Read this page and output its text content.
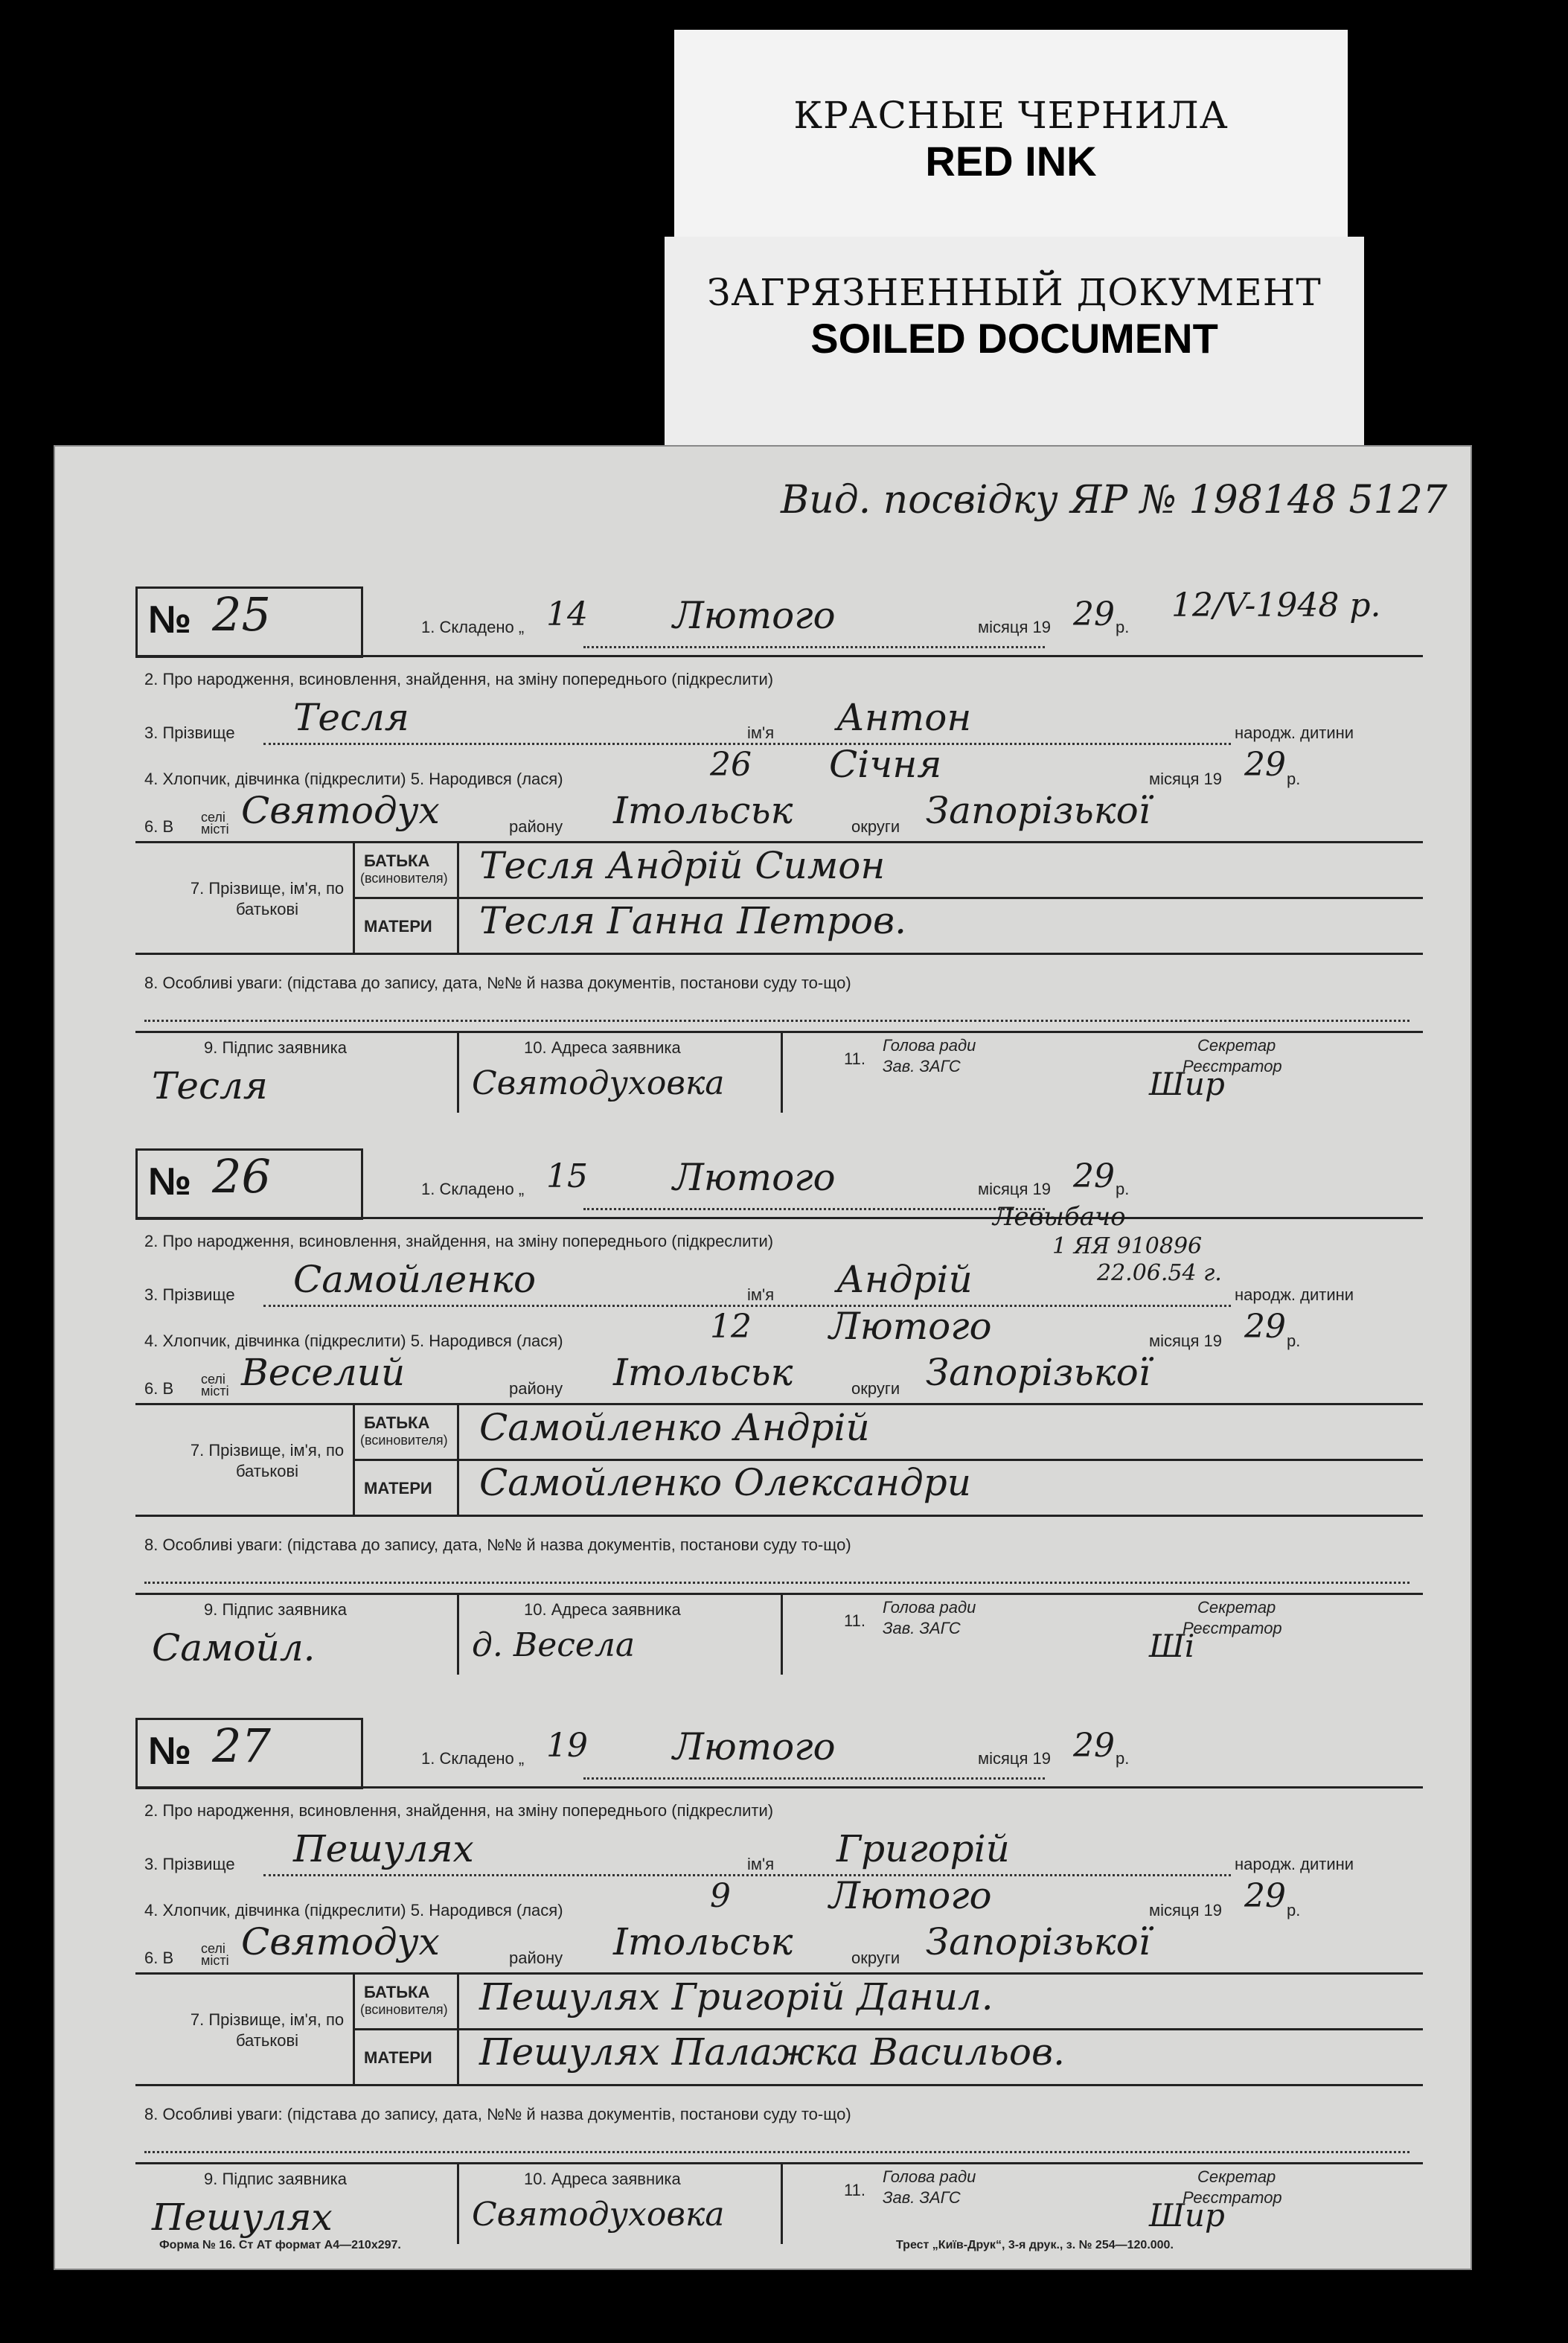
КРАСНЫЕ ЧЕРНИЛА
RED INK
ЗАГРЯЗНЕННЫЙ ДОКУМЕНТ
SOILED DOCUMENT
Вид. посвідку ЯР № 198148 5127
№ 25	1. Складено „ 14 Лютого	місяця 19 29 р.
12/V-1948 р.
2. Про народження, всиновлення, знайдення, на зміну попереднього (підкреслити)
3. Прізвище Тесля	ім'я Антон	народж. дитини
4. Хлопчик, дівчинка (підкреслити) 5. Народився (лася)	26 Січня	місяця 19 29 р.
6. В селі місті Святодух	району Ітольськ	округи Запорізької
7. Прізвище, ім'я, по батькові
БАТЬКА
(всиновителя) Тесля Андрій Симон
МАТЕРИ Тесля Ганна Петров.
8. Особливі уваги: (підстава до запису, дата, №№ й назва документів, постанови суду то-що)
9. Підпис заявника	10. Адреса заявника
11.
Голова ради
Зав. ЗАГС
Секретар
Реєстратор
Тесля	Святодуховка	Шир
№ 26	1. Складено „ 15 Лютого	місяця 19 29 р.
2. Про народження, всиновлення, знайдення, на зміну попереднього (підкреслити)
3. Прізвище Самойленко	ім'я Андрій	народж. дитини
4. Хлопчик, дівчинка (підкреслити) 5. Народився (лася)	12 Лютого	місяця 19 29 р.
6. В селі місті Веселий	району Ітольськ	округи Запорізької
7. Прізвище, ім'я, по батькові
БАТЬКА
(всиновителя) Самойленко Андрій
МАТЕРИ Самойленко Олександри
8. Особливі уваги: (підстава до запису, дата, №№ й назва документів, постанови суду то-що)
9. Підпис заявника	10. Адреса заявника
11.
Голова ради
Зав. ЗАГС
Секретар
Реєстратор
Самойл.	д. Весела	Ші
Левыбачо
1 ЯЯ 910896
22.06.54 г.
№ 27	1. Складено „ 19 Лютого	місяця 19 29 р.
2. Про народження, всиновлення, знайдення, на зміну попереднього (підкреслити)
3. Прізвище Пешулях	ім'я Григорій	народж. дитини
4. Хлопчик, дівчинка (підкреслити) 5. Народився (лася)	9	Лютого	місяця 19 29 р.
6. В селі місті Святодух	району Ітольськ	округи Запорізької
7. Прізвище, ім'я, по батькові
БАТЬКА
(всиновителя) Пешулях Григорій Данил.
МАТЕРИ Пешулях Палажка Васильов.
8. Особливі уваги: (підстава до запису, дата, №№ й назва документів, постанови суду то-що)
9. Підпис заявника	10. Адреса заявника
11.
Голова ради
Зав. ЗАГС
Секретар
Реєстратор
Пешулях	Святодуховка	Шир
Форма № 16. Ст АТ формат А4—210х297.	Трест „Київ-Друк“, 3-я друк., з. № 254—120.000.
